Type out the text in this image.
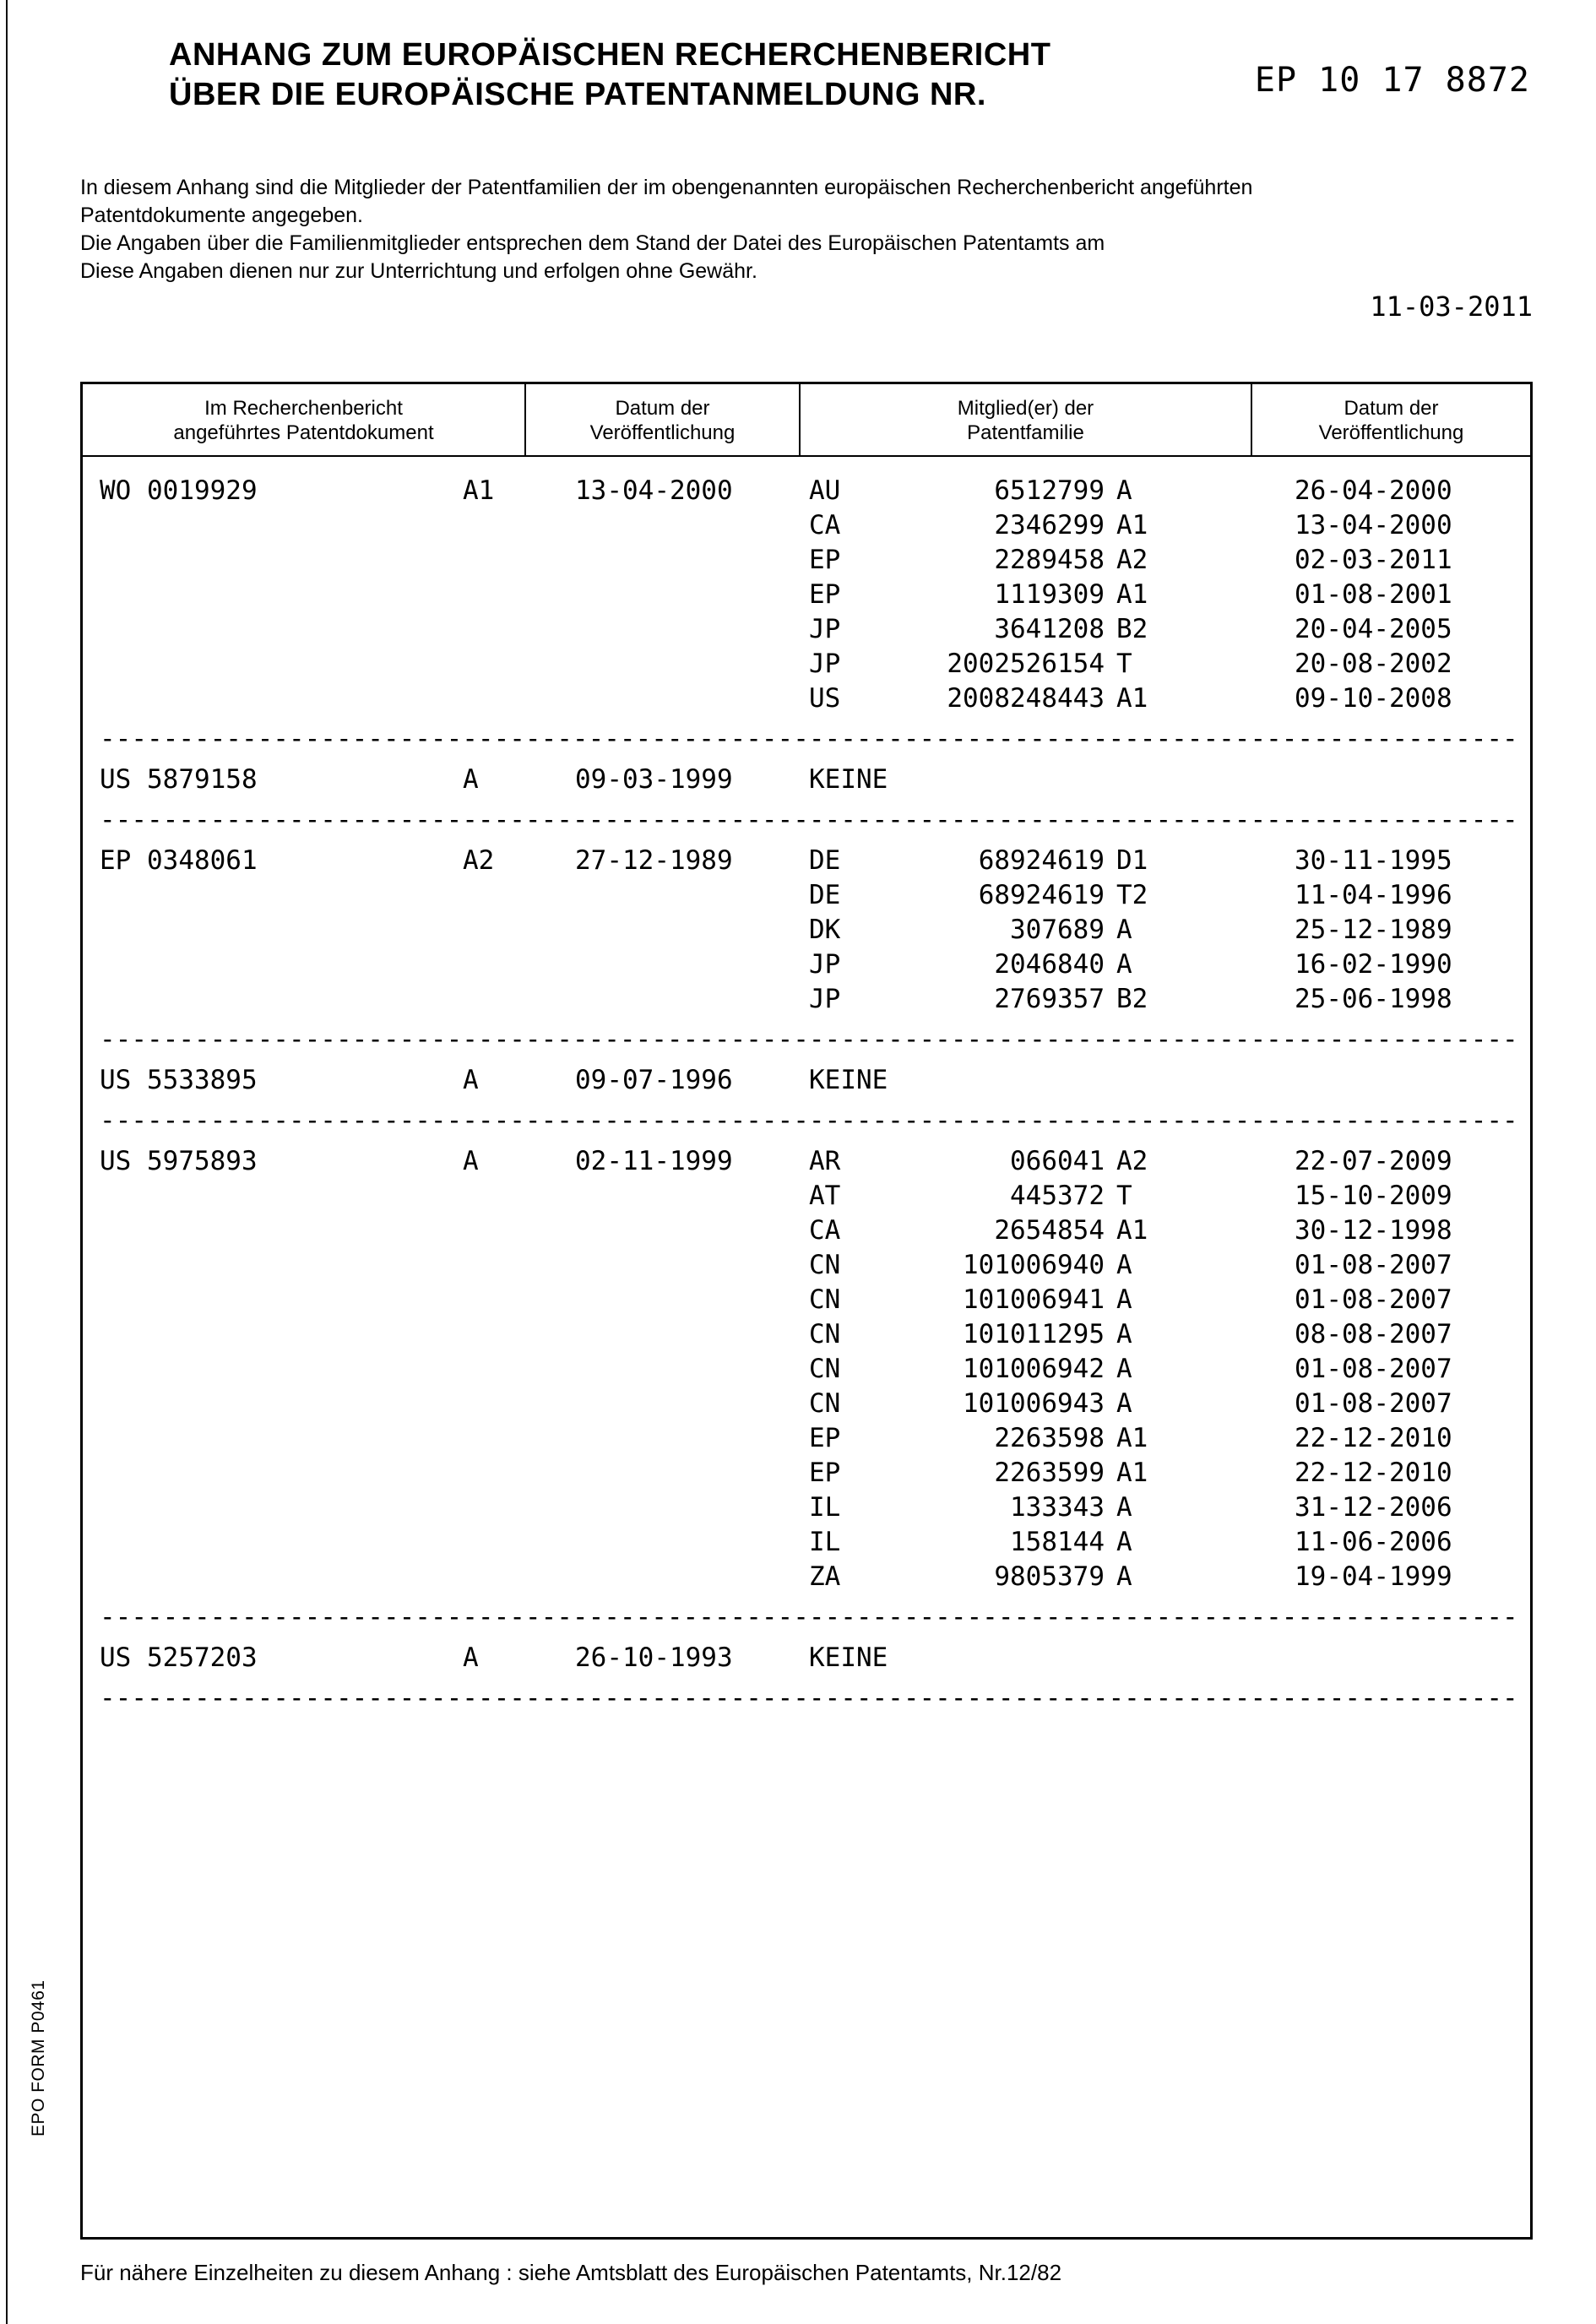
ANHANG ZUM EUROPÄISCHEN RECHERCHENBERICHT
ÜBER DIE EUROPÄISCHE PATENTANMELDUNG NR.	EP 10 17 8872
In diesem Anhang sind die Mitglieder der Patentfamilien der im obengenannten europäischen Recherchenbericht angeführten
Patentdokumente angegeben.
Die Angaben über die Familienmitglieder entsprechen dem Stand der Datei des Europäischen Patentamts am
Diese Angaben dienen nur zur Unterrichtung und erfolgen ohne Gewähr.
11-03-2011
Im Recherchenbericht
angeführtes Patentdokument
Datum der
Veröffentlichung
Mitglied(er) der
Patentfamilie
Datum der
Veröffentlichung
WO 0019929	A1	13-04-2000	AU	6512799 A	26-04-2000
CA	2346299 A1	13-04-2000
EP	2289458 A2	02-03-2011
EP	1119309 A1	01-08-2001
JP	3641208 B2	20-04-2005
JP	2002526154 T	20-08-2002
US	2008248443 A1	09-10-2008
------------------------------------------------------------------------------------------
US 5879158	A	09-03-1999	KEINE
------------------------------------------------------------------------------------------
EP 0348061	A2	27-12-1989	DE	68924619 D1	30-11-1995
DE	68924619 T2	11-04-1996
DK	307689 A	25-12-1989
JP	2046840 A	16-02-1990
JP	2769357 B2	25-06-1998
------------------------------------------------------------------------------------------
US 5533895	A	09-07-1996	KEINE
------------------------------------------------------------------------------------------
US 5975893	A	02-11-1999	AR	066041 A2	22-07-2009
AT	445372 T	15-10-2009
CA	2654854 A1	30-12-1998
CN	101006940 A	01-08-2007
CN	101006941 A	01-08-2007
CN	101011295 A	08-08-2007
CN	101006942 A	01-08-2007
CN	101006943 A	01-08-2007
EP	2263598 A1	22-12-2010
EP	2263599 A1	22-12-2010
IL	133343 A	31-12-2006
IL	158144 A	11-06-2006
ZA	9805379 A	19-04-1999
------------------------------------------------------------------------------------------
US 5257203	A	26-10-1993	KEINE
------------------------------------------------------------------------------------------
EPO FORM P0461
Für nähere Einzelheiten zu diesem Anhang : siehe Amtsblatt des Europäischen Patentamts, Nr.12/82
